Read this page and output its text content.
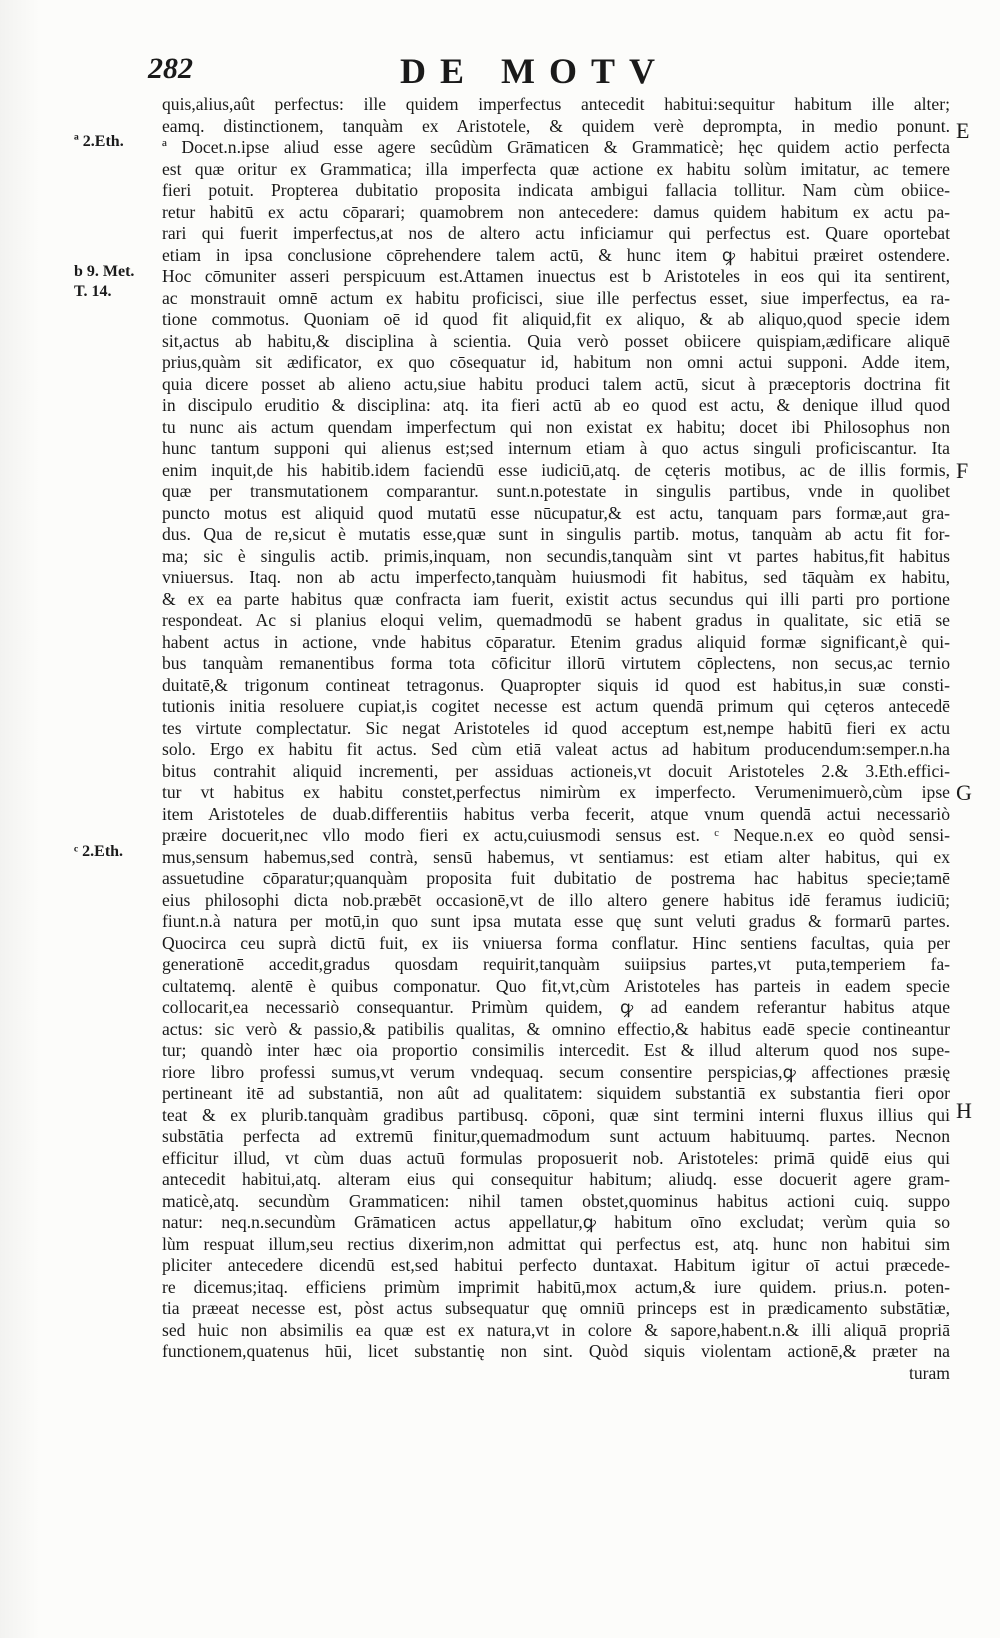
282	DE MOTV
ª 2.Eth.
b 9. Met.
T. 14.
ᶜ 2.Eth.
E
F
G
H
quis,alius,aût perfectus: ille quidem imperfectus antecedit habitui:sequitur habitum ille alter;
eamq. distinctionem, tanquàm ex Aristotele, & quidem verè deprompta, in medio ponunt.
ª Docet.n.ipse aliud esse agere secûdùm Grāmaticen & Grammaticè; hęc quidem actio perfecta
est quæ oritur ex Grammatica; illa imperfecta quæ actione ex habitu solùm imitatur, ac temere
fieri potuit. Propterea dubitatio proposita indicata ambigui fallacia tollitur. Nam cùm obiice-
retur habitū ex actu cōparari; quamobrem non antecedere: damus quidem habitum ex actu pa-
rari qui fuerit imperfectus,at nos de altero actu inficiamur qui perfectus est. Quare oportebat
etiam in ipsa conclusione cōprehendere talem actū, & hunc item ꝙ habitui præiret ostendere.
Hoc cōmuniter asseri perspicuum est.Attamen inuectus est b Aristoteles in eos qui ita sentirent,
ac monstrauit omnē actum ex habitu proficisci, siue ille perfectus esset, siue imperfectus, ea ra-
tione commotus. Quoniam oē id quod fit aliquid,fit ex aliquo, & ab aliquo,quod specie idem
sit,actus ab habitu,& disciplina à scientia. Quia verò posset obiicere quispiam,ædificare aliquē
prius,quàm sit ædificator, ex quo cōsequatur id, habitum non omni actui supponi. Adde item,
quia dicere posset ab alieno actu,siue habitu produci talem actū, sicut à præceptoris doctrina fit
in discipulo eruditio & disciplina: atq. ita fieri actū ab eo quod est actu, & denique illud quod
tu nunc ais actum quendam imperfectum qui non existat ex habitu; docet ibi Philosophus non
hunc tantum supponi qui alienus est;sed internum etiam à quo actus singuli proficiscantur. Ita
enim inquit,de his habitib.idem faciendū esse iudiciū,atq. de cęteris motibus, ac de illis formis,
quæ per transmutationem comparantur. sunt.n.potestate in singulis partibus, vnde in quolibet
puncto motus est aliquid quod mutatū esse nūcupatur,& est actu, tanquam pars formæ,aut gra-
dus. Qua de re,sicut è mutatis esse,quæ sunt in singulis partib. motus, tanquàm ab actu fit for-
ma; sic è singulis actib. primis,inquam, non secundis,tanquàm sint vt partes habitus,fit habitus
vniuersus. Itaq. non ab actu imperfecto,tanquàm huiusmodi fit habitus, sed tāquàm ex habitu,
& ex ea parte habitus quæ confracta iam fuerit, existit actus secundus qui illi parti pro portione
respondeat. Ac si planius eloqui velim, quemadmodū se habent gradus in qualitate, sic etiā se
habent actus in actione, vnde habitus cōparatur. Etenim gradus aliquid formæ significant,è qui-
bus tanquàm remanentibus forma tota cōficitur illorū virtutem cōplectens, non secus,ac ternio
duitatē,& trigonum contineat tetragonus. Quapropter siquis id quod est habitus,in suæ consti-
tutionis initia resoluere cupiat,is cogitet necesse est actum quendā primum qui cęteros antecedē
tes virtute complectatur. Sic negat Aristoteles id quod acceptum est,nempe habitū fieri ex actu
solo. Ergo ex habitu fit actus. Sed cùm etiā valeat actus ad habitum producendum:semper.n.ha
bitus contrahit aliquid incrementi, per assiduas actioneis,vt docuit Aristoteles 2.& 3.Eth.effici-
tur vt habitus ex habitu constet,perfectus nimirùm ex imperfecto. Verumenimuerò,cùm ipse
item Aristoteles de duab.differentiis habitus verba fecerit, atque vnum quendā actui necessariò
præire docuerit,nec vllo modo fieri ex actu,cuiusmodi sensus est. ᶜ Neque.n.ex eo quòd sensi-
mus,sensum habemus,sed contrà, sensū habemus, vt sentiamus: est etiam alter habitus, qui ex
assuetudine cōparatur;quanquàm proposita fuit dubitatio de postrema hac habitus specie;tamē
eius philosophi dicta nob.præbēt occasionē,vt de illo altero genere habitus idē feramus iudiciū;
fiunt.n.à natura per motū,in quo sunt ipsa mutata esse quę sunt veluti gradus & formarū partes.
Quocirca ceu suprà dictū fuit, ex iis vniuersa forma conflatur. Hinc sentiens facultas, quia per
generationē accedit,gradus quosdam requirit,tanquàm suiipsius partes,vt puta,temperiem fa-
cultatemq. alentē è quibus componatur. Quo fit,vt,cùm Aristoteles has parteis in eadem specie
collocarit,ea necessariò consequantur. Primùm quidem, ꝙ ad eandem referantur habitus atque
actus: sic verò & passio,& patibilis qualitas, & omnino effectio,& habitus eadē specie contineantur
tur; quandò inter hæc oia proportio consimilis intercedit. Est & illud alterum quod nos supe-
riore libro professi sumus,vt verum vndequaq. secum consentire perspicias,ꝙ affectiones præsię
pertineant itē ad substantiā, non aût ad qualitatem: siquidem substantiā ex substantia fieri opor
teat & ex plurib.tanquàm gradibus partibusq. cōponi, quæ sint termini interni fluxus illius qui
substātia perfecta ad extremū finitur,quemadmodum sunt actuum habituumq. partes. Necnon
efficitur illud, vt cùm duas actuū formulas proposuerit nob. Aristoteles: primā quidē eius qui
antecedit habitui,atq. alteram eius qui consequitur habitum; aliudq. esse docuerit agere gram-
maticè,atq. secundùm Grammaticen: nihil tamen obstet,quominus habitus actioni cuiq. suppo
natur: neq.n.secundùm Grāmaticen actus appellatur,ꝙ habitum oīno excludat; verùm quia so
lùm respuat illum,seu rectius dixerim,non admittat qui perfectus est, atq. hunc non habitui sim
pliciter antecedere dicendū est,sed habitui perfecto duntaxat. Habitum igitur oī actui præcede-
re dicemus;itaq. efficiens primùm imprimit habitū,mox actum,& iure quidem. prius.n. poten-
tia præeat necesse est, pòst actus subsequatur quę omniū princeps est in prædicamento substātiæ,
sed huic non absimilis ea quæ est ex natura,vt in colore & sapore,habent.n.& illi aliquā propriā
functionem,quatenus hūi, licet substantię non sint. Quòd siquis violentam actionē,& præter na
turam
